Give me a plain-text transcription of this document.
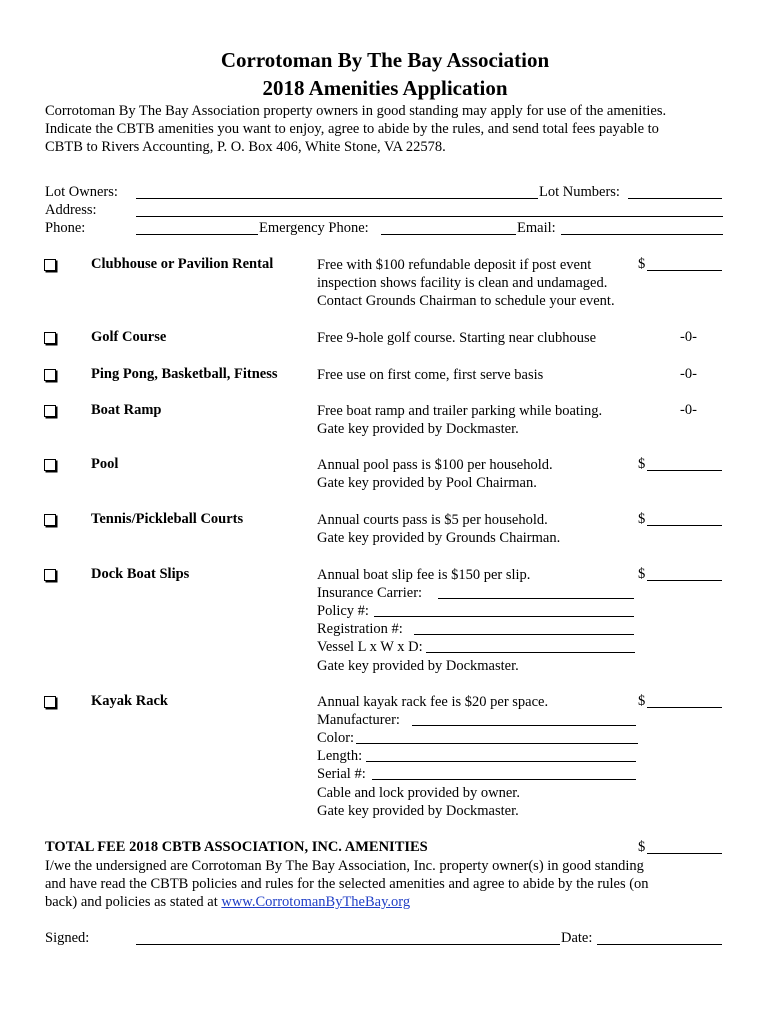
Corrotoman By The Bay Association
2018 Amenities Application
Corrotoman By The Bay Association property owners in good standing may apply for use of the amenities.
Indicate the CBTB amenities you want to enjoy, agree to abide by the rules, and send total fees payable to
CBTB to Rivers Accounting, P. O. Box 406, White Stone, VA 22578.
Lot Owners:	Lot Numbers:
Address:
Phone:	Emergency Phone:	Email:
Clubhouse or Pavilion Rental	Free with $100 refundable deposit if post event
inspection shows facility is clean and undamaged.
Contact Grounds Chairman to schedule your event.
$
Golf Course	Free 9-hole golf course. Starting near clubhouse	-0-
Ping Pong, Basketball, Fitness	Free use on first come, first serve basis	-0-
Boat Ramp	Free boat ramp and trailer parking while boating.
Gate key provided by Dockmaster.
-0-
Pool	Annual pool pass is $100 per household.
Gate key provided by Pool Chairman.
$
Tennis/Pickleball Courts	Annual courts pass is $5 per household.
Gate key provided by Grounds Chairman.
$
Dock Boat Slips	Annual boat slip fee is $150 per slip.
Insurance Carrier:
Policy #:
Registration #:
Vessel L x W x D:
Gate key provided by Dockmaster.
$
Kayak Rack	Annual kayak rack fee is $20 per space.
Manufacturer:
Color:
Length:
Serial #:
Cable and lock provided by owner.
Gate key provided by Dockmaster.
$
TOTAL FEE 2018 CBTB ASSOCIATION, INC. AMENITIES	$
I/we the undersigned are Corrotoman By The Bay Association, Inc. property owner(s) in good standing
and have read the CBTB policies and rules for the selected amenities and agree to abide by the rules (on
back) and policies as stated at www.CorrotomanByTheBay.org
Signed:	Date:
